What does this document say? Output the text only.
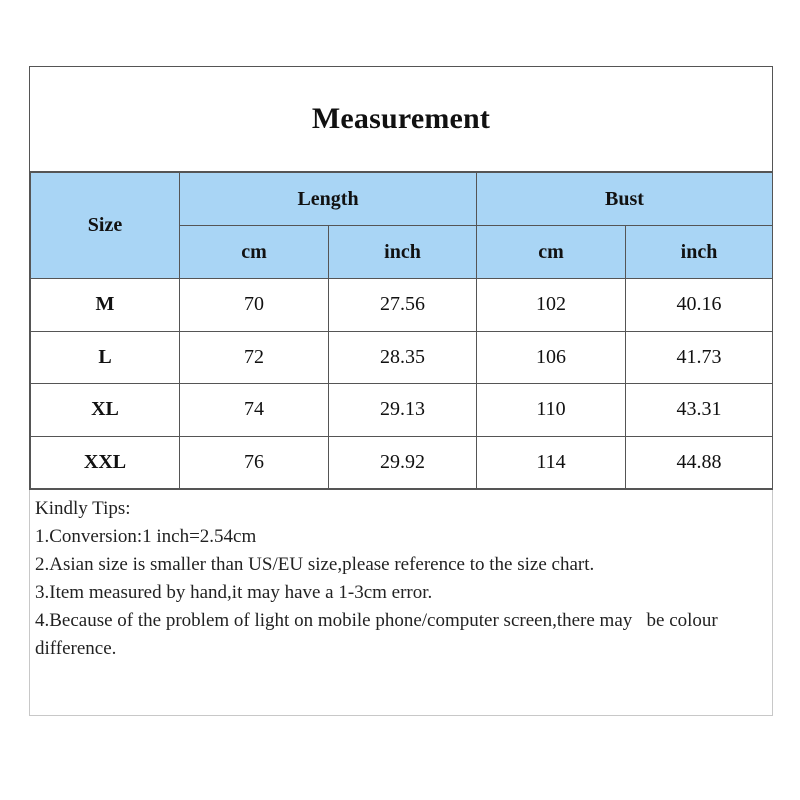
Measurement
Size	Length		Bust	
	cm	inch	cm	inch
M	70	27.56	102	40.16
L	72	28.35	106	41.73
XL	74	29.13	110	43.31
XXL	76	29.92	114	44.88

Kindly Tips:

1.Conversion:1 inch=2.54cm

2.Asian size is smaller than US/EU size,please reference to the size chart.

3.Item measured by hand,it may have a 1-3cm error.

4.Because of the problem of light on mobile phone/computer screen,there may   be colour difference.
